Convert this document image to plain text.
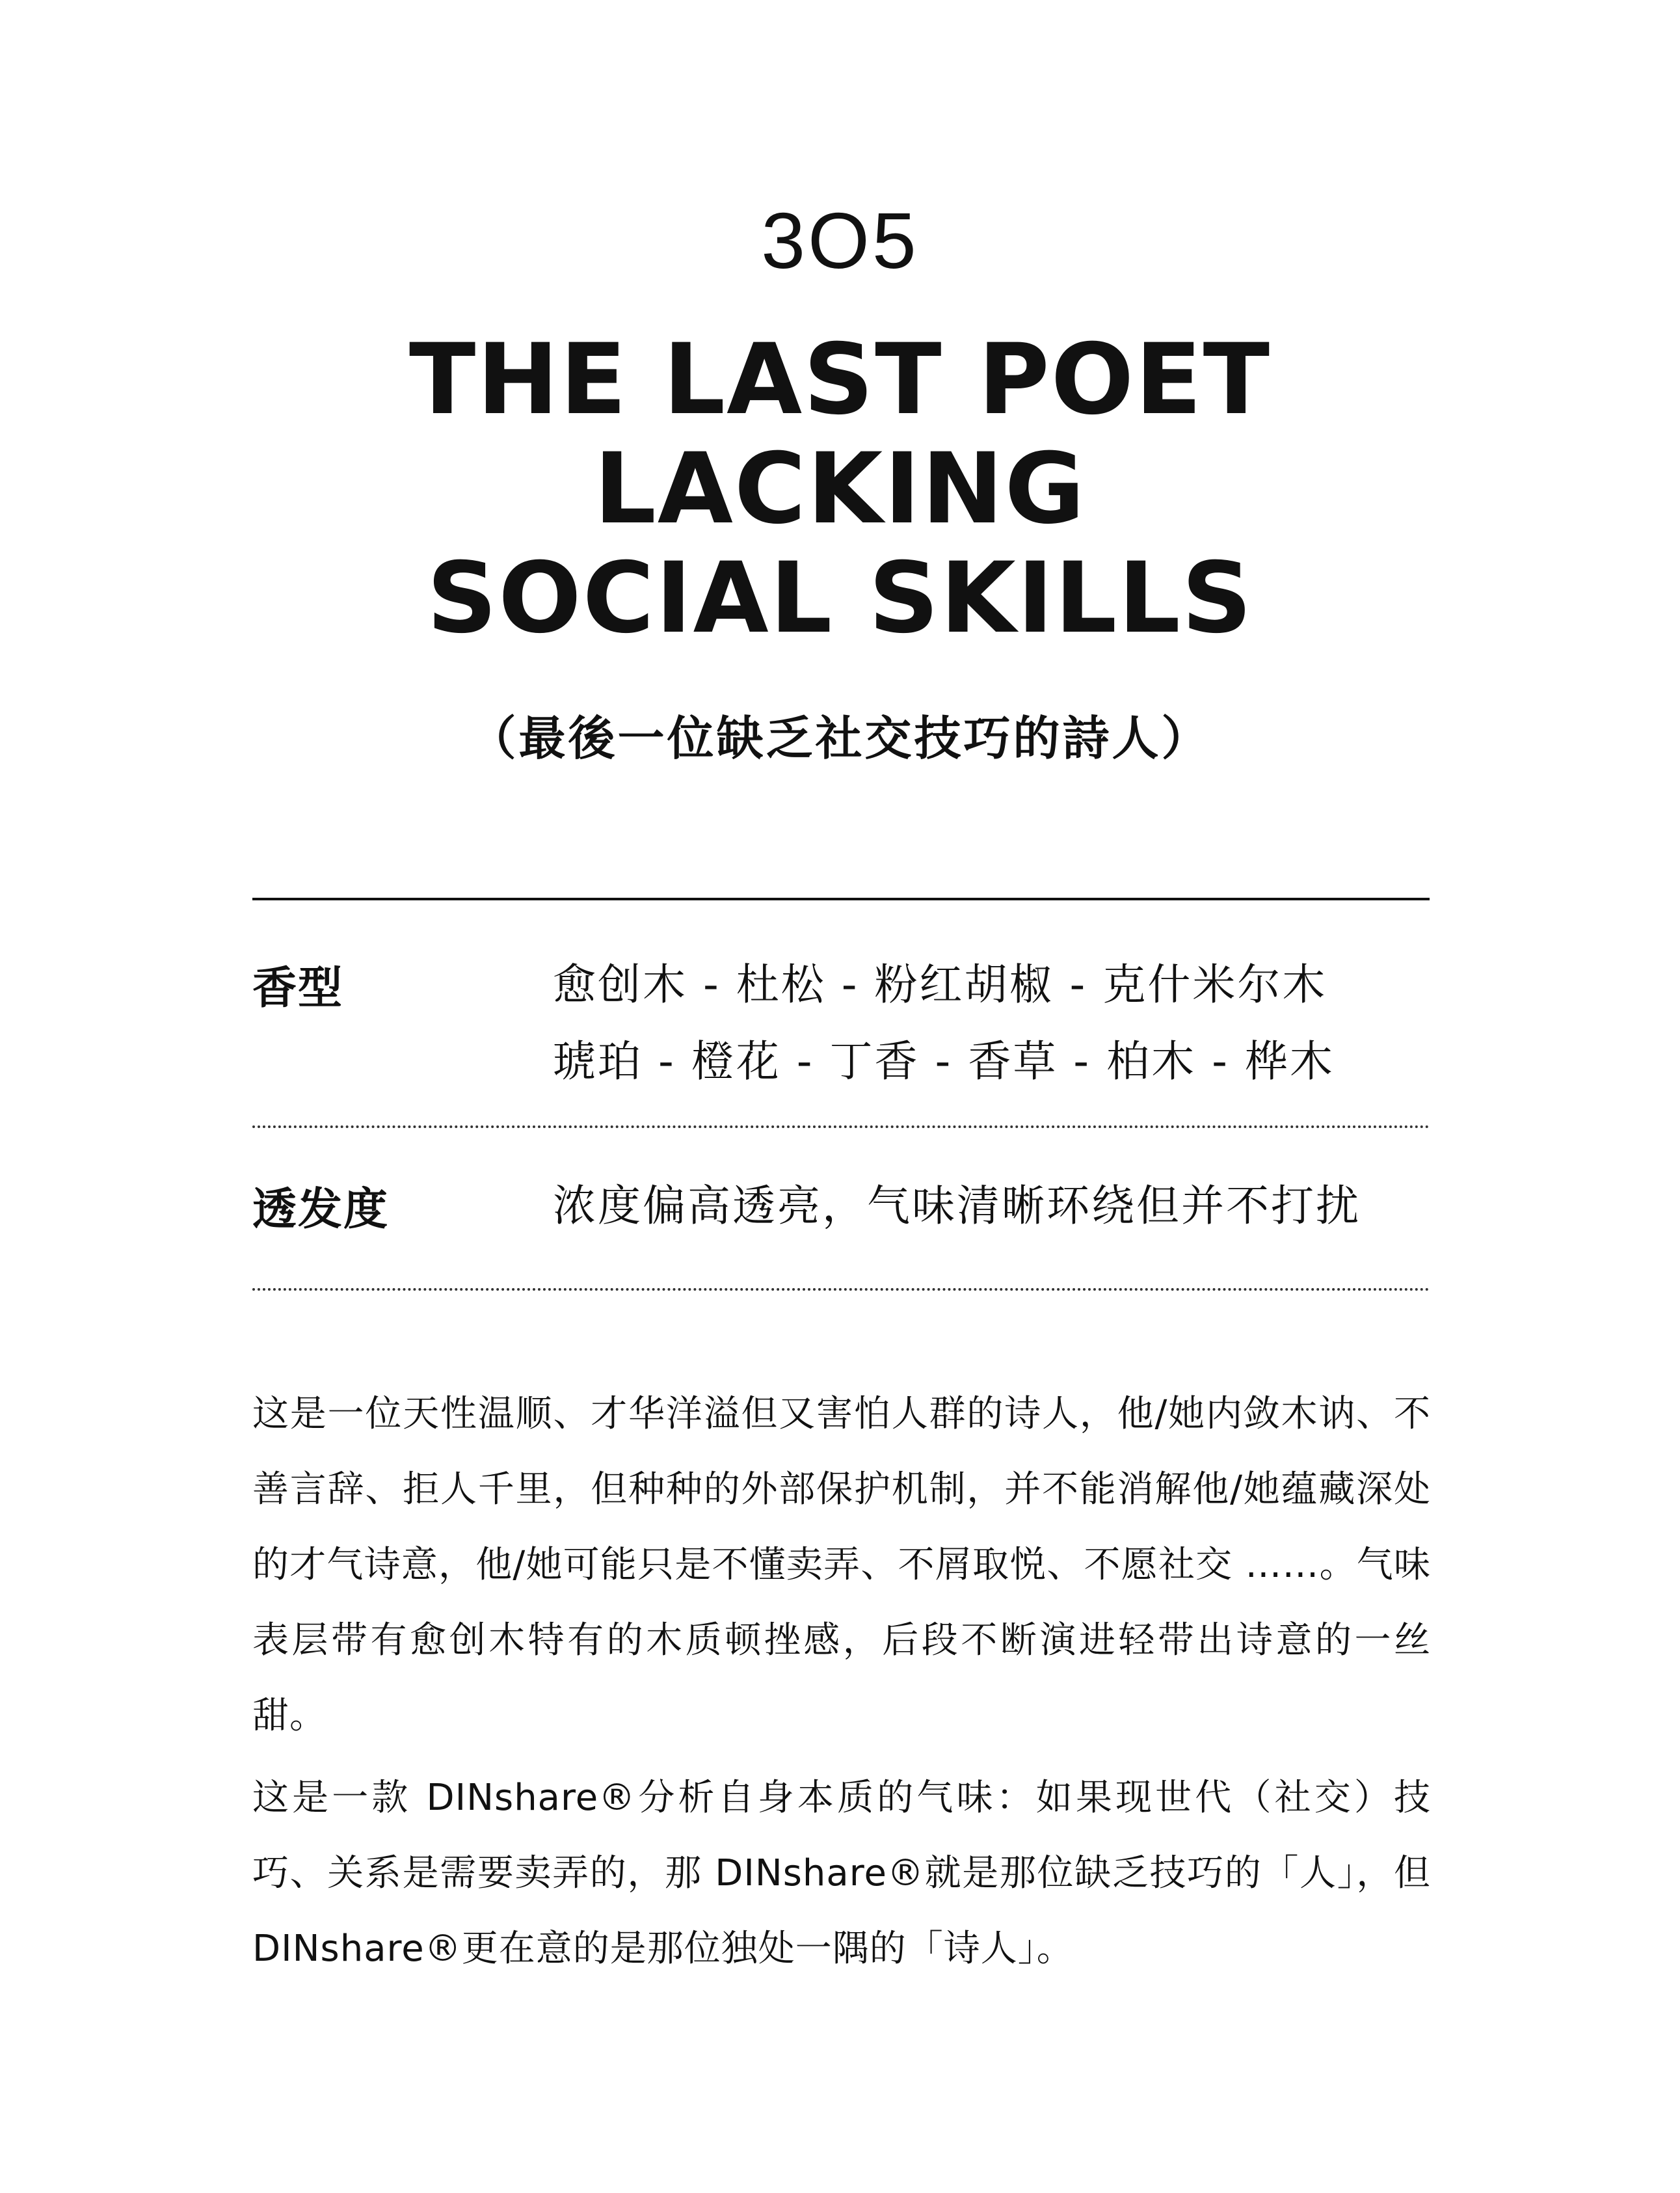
3O5
THE LAST POET
LACKING
SOCIAL SKILLS
（最後一位缺乏社交技巧的詩人）
香型	愈创木 - 杜松 - 粉红胡椒 - 克什米尔木
琥珀 - 橙花 - 丁香 - 香草 - 柏木 - 桦木
透发度	浓度偏高透亮，气味清晰环绕但并不打扰

这是一位天性温顺、才华洋溢但又害怕人群的诗人，他/她内敛木讷、不善言辞、拒人千里，但种种的外部保护机制，并不能消解他/她蕴藏深处的才气诗意，他/她可能只是不懂卖弄、不屑取悦、不愿社交 ……。气味表层带有愈创木特有的木质顿挫感，后段不断演进轻带出诗意的一丝甜。

这是一款 DINshare®分析自身本质的气味：如果现世代（社交）技巧、关系是需要卖弄的，那 DINshare®就是那位缺乏技巧的「人」，但DINshare®更在意的是那位独处一隅的「诗人」。
